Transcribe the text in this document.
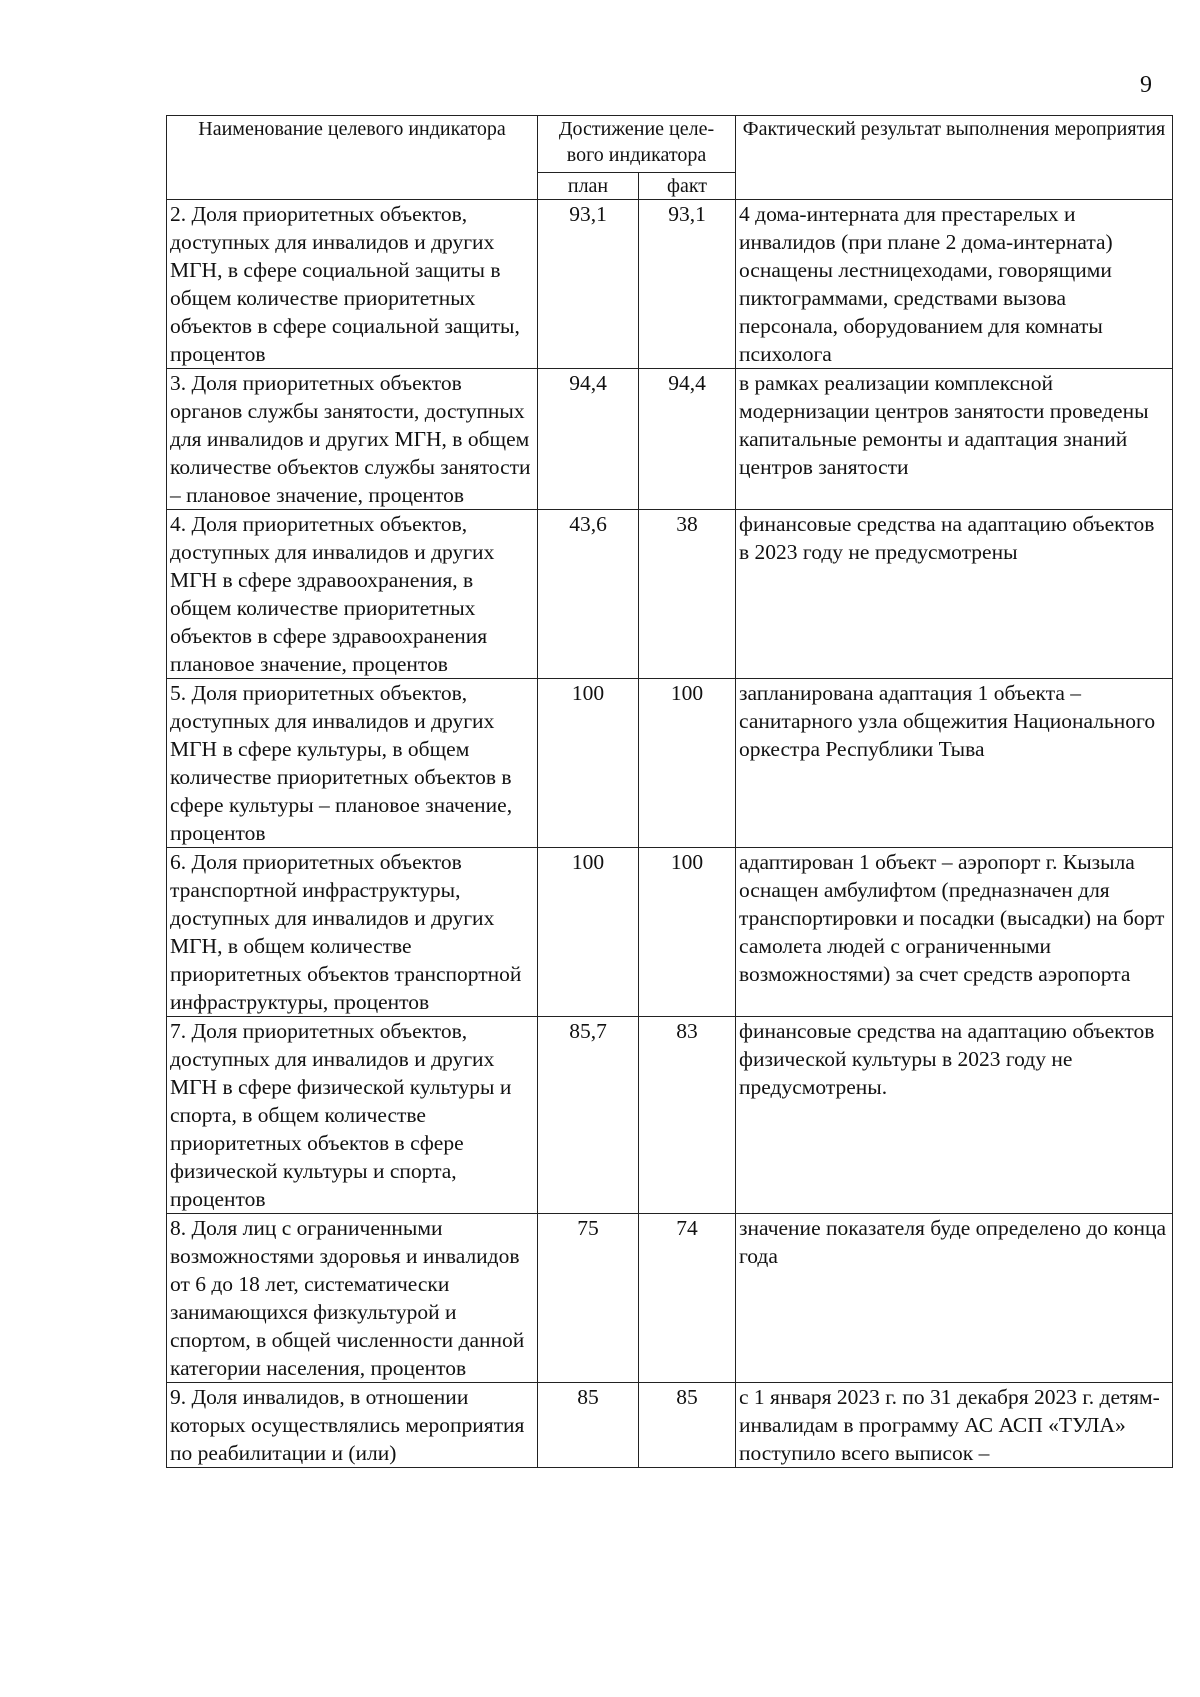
9
Наименование целевого индикатора	Достижение целе-вого индикатора		Фактический результат выполнения мероприятия
	план	факт	
2. Доля приоритетных объектов, доступных для инвалидов и других МГН, в сфере социальной защиты в общем количестве приоритетных объектов в сфере социальной защиты, процентов	93,1	93,1	4 дома-интерната для престарелых и инвалидов (при плане 2 дома-интерната) оснащены лестницеходами, говорящими пиктограммами, средствами вызова персонала, оборудованием для комнаты психолога
3. Доля приоритетных объектов органов службы занятости, доступных для инвалидов и других МГН, в общем количестве объектов службы занятости – плановое значение, процентов	94,4	94,4	в рамках реализации комплексной модернизации центров занятости проведены капитальные ремонты и адаптация знаний центров занятости
4. Доля приоритетных объектов, доступных для инвалидов и других МГН в сфере здравоохранения, в общем количестве приоритетных объектов в сфере здравоохранения плановое значение, процентов	43,6	38	финансовые средства на адаптацию объектов в 2023 году не предусмотрены
5. Доля приоритетных объектов, доступных для инвалидов и других МГН в сфере культуры, в общем количестве приоритетных объектов в сфере культуры – плановое значение, процентов	100	100	запланирована адаптация 1 объекта – санитарного узла общежития Национального оркестра Республики Тыва
6. Доля приоритетных объектов транспортной инфраструктуры, доступных для инвалидов и других МГН, в общем количестве приоритетных объектов транспортной инфраструктуры, процентов	100	100	адаптирован 1 объект – аэропорт г. Кызыла оснащен амбулифтом (предназначен для транспортировки и посадки (высадки) на борт самолета людей с ограниченными возможностями) за счет средств аэропорта
7. Доля приоритетных объектов, доступных для инвалидов и других МГН в сфере физической культуры и спорта, в общем количестве приоритетных объектов в сфере физической культуры и спорта, процентов	85,7	83	финансовые средства на адаптацию объектов физической культуры в 2023 году не предусмотрены.
8. Доля лиц с ограниченными возможностями здоровья и инвалидов от 6 до 18 лет, систематически занимающихся физкультурой и спортом, в общей численности данной категории населения, процентов	75	74	значение показателя буде определено до конца года
9. Доля инвалидов, в отношении которых осуществлялись мероприятия по реабилитации и (или)	85	85	с 1 января 2023 г. по 31 декабря 2023 г. детям-инвалидам в программу АС АСП «ТУЛА» поступило всего выписок –
